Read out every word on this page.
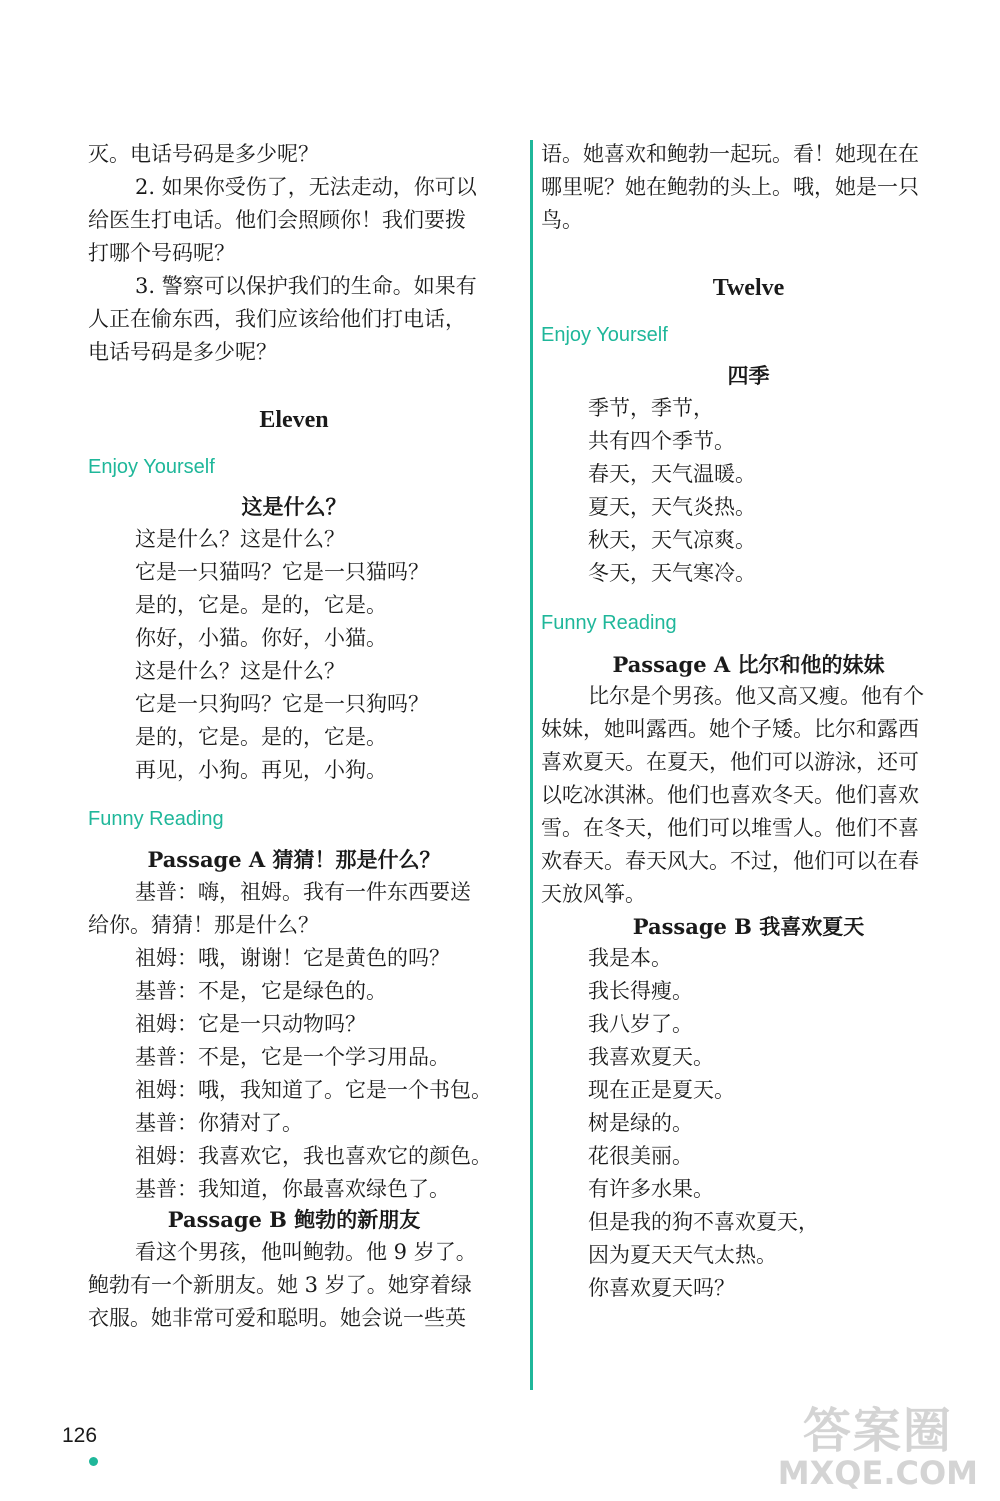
灭。电话号码是多少呢？
2. 如果你受伤了，无法走动，你可以
给医生打电话。他们会照顾你！我们要拨
打哪个号码呢？
3. 警察可以保护我们的生命。如果有
人正在偷东西，我们应该给他们打电话，
电话号码是多少呢？
Eleven
Enjoy Yourself
这是什么？
这是什么？这是什么？
它是一只猫吗？它是一只猫吗？
是的，它是。是的，它是。
你好，小猫。你好，小猫。
这是什么？这是什么？
它是一只狗吗？它是一只狗吗？
是的，它是。是的，它是。
再见，小狗。再见，小狗。
Funny Reading
Passage A 猜猜！那是什么？
基普：嗨，祖姆。我有一件东西要送
给你。猜猜！那是什么？
祖姆：哦，谢谢！它是黄色的吗？
基普：不是，它是绿色的。
祖姆：它是一只动物吗？
基普：不是，它是一个学习用品。
祖姆：哦，我知道了。它是一个书包。
基普：你猜对了。
祖姆：我喜欢它，我也喜欢它的颜色。
基普：我知道，你最喜欢绿色了。
Passage B 鲍勃的新朋友
看这个男孩，他叫鲍勃。他 9 岁了。
鲍勃有一个新朋友。她 3 岁了。她穿着绿
衣服。她非常可爱和聪明。她会说一些英
语。她喜欢和鲍勃一起玩。看！她现在在
哪里呢？她在鲍勃的头上。哦，她是一只
鸟。
Twelve
Enjoy Yourself
四季
季节，季节，
共有四个季节。
春天，天气温暖。
夏天，天气炎热。
秋天，天气凉爽。
冬天，天气寒冷。
Funny Reading
Passage A 比尔和他的妹妹
比尔是个男孩。他又高又瘦。他有个
妹妹，她叫露西。她个子矮。比尔和露西
喜欢夏天。在夏天，他们可以游泳，还可
以吃冰淇淋。他们也喜欢冬天。他们喜欢
雪。在冬天，他们可以堆雪人。他们不喜
欢春天。春天风大。不过，他们可以在春
天放风筝。
Passage B 我喜欢夏天
我是本。
我长得瘦。
我八岁了。
我喜欢夏天。
现在正是夏天。
树是绿的。
花很美丽。
有许多水果。
但是我的狗不喜欢夏天，
因为夏天天气太热。
你喜欢夏天吗？
126	答案圈
MXQE.COM
